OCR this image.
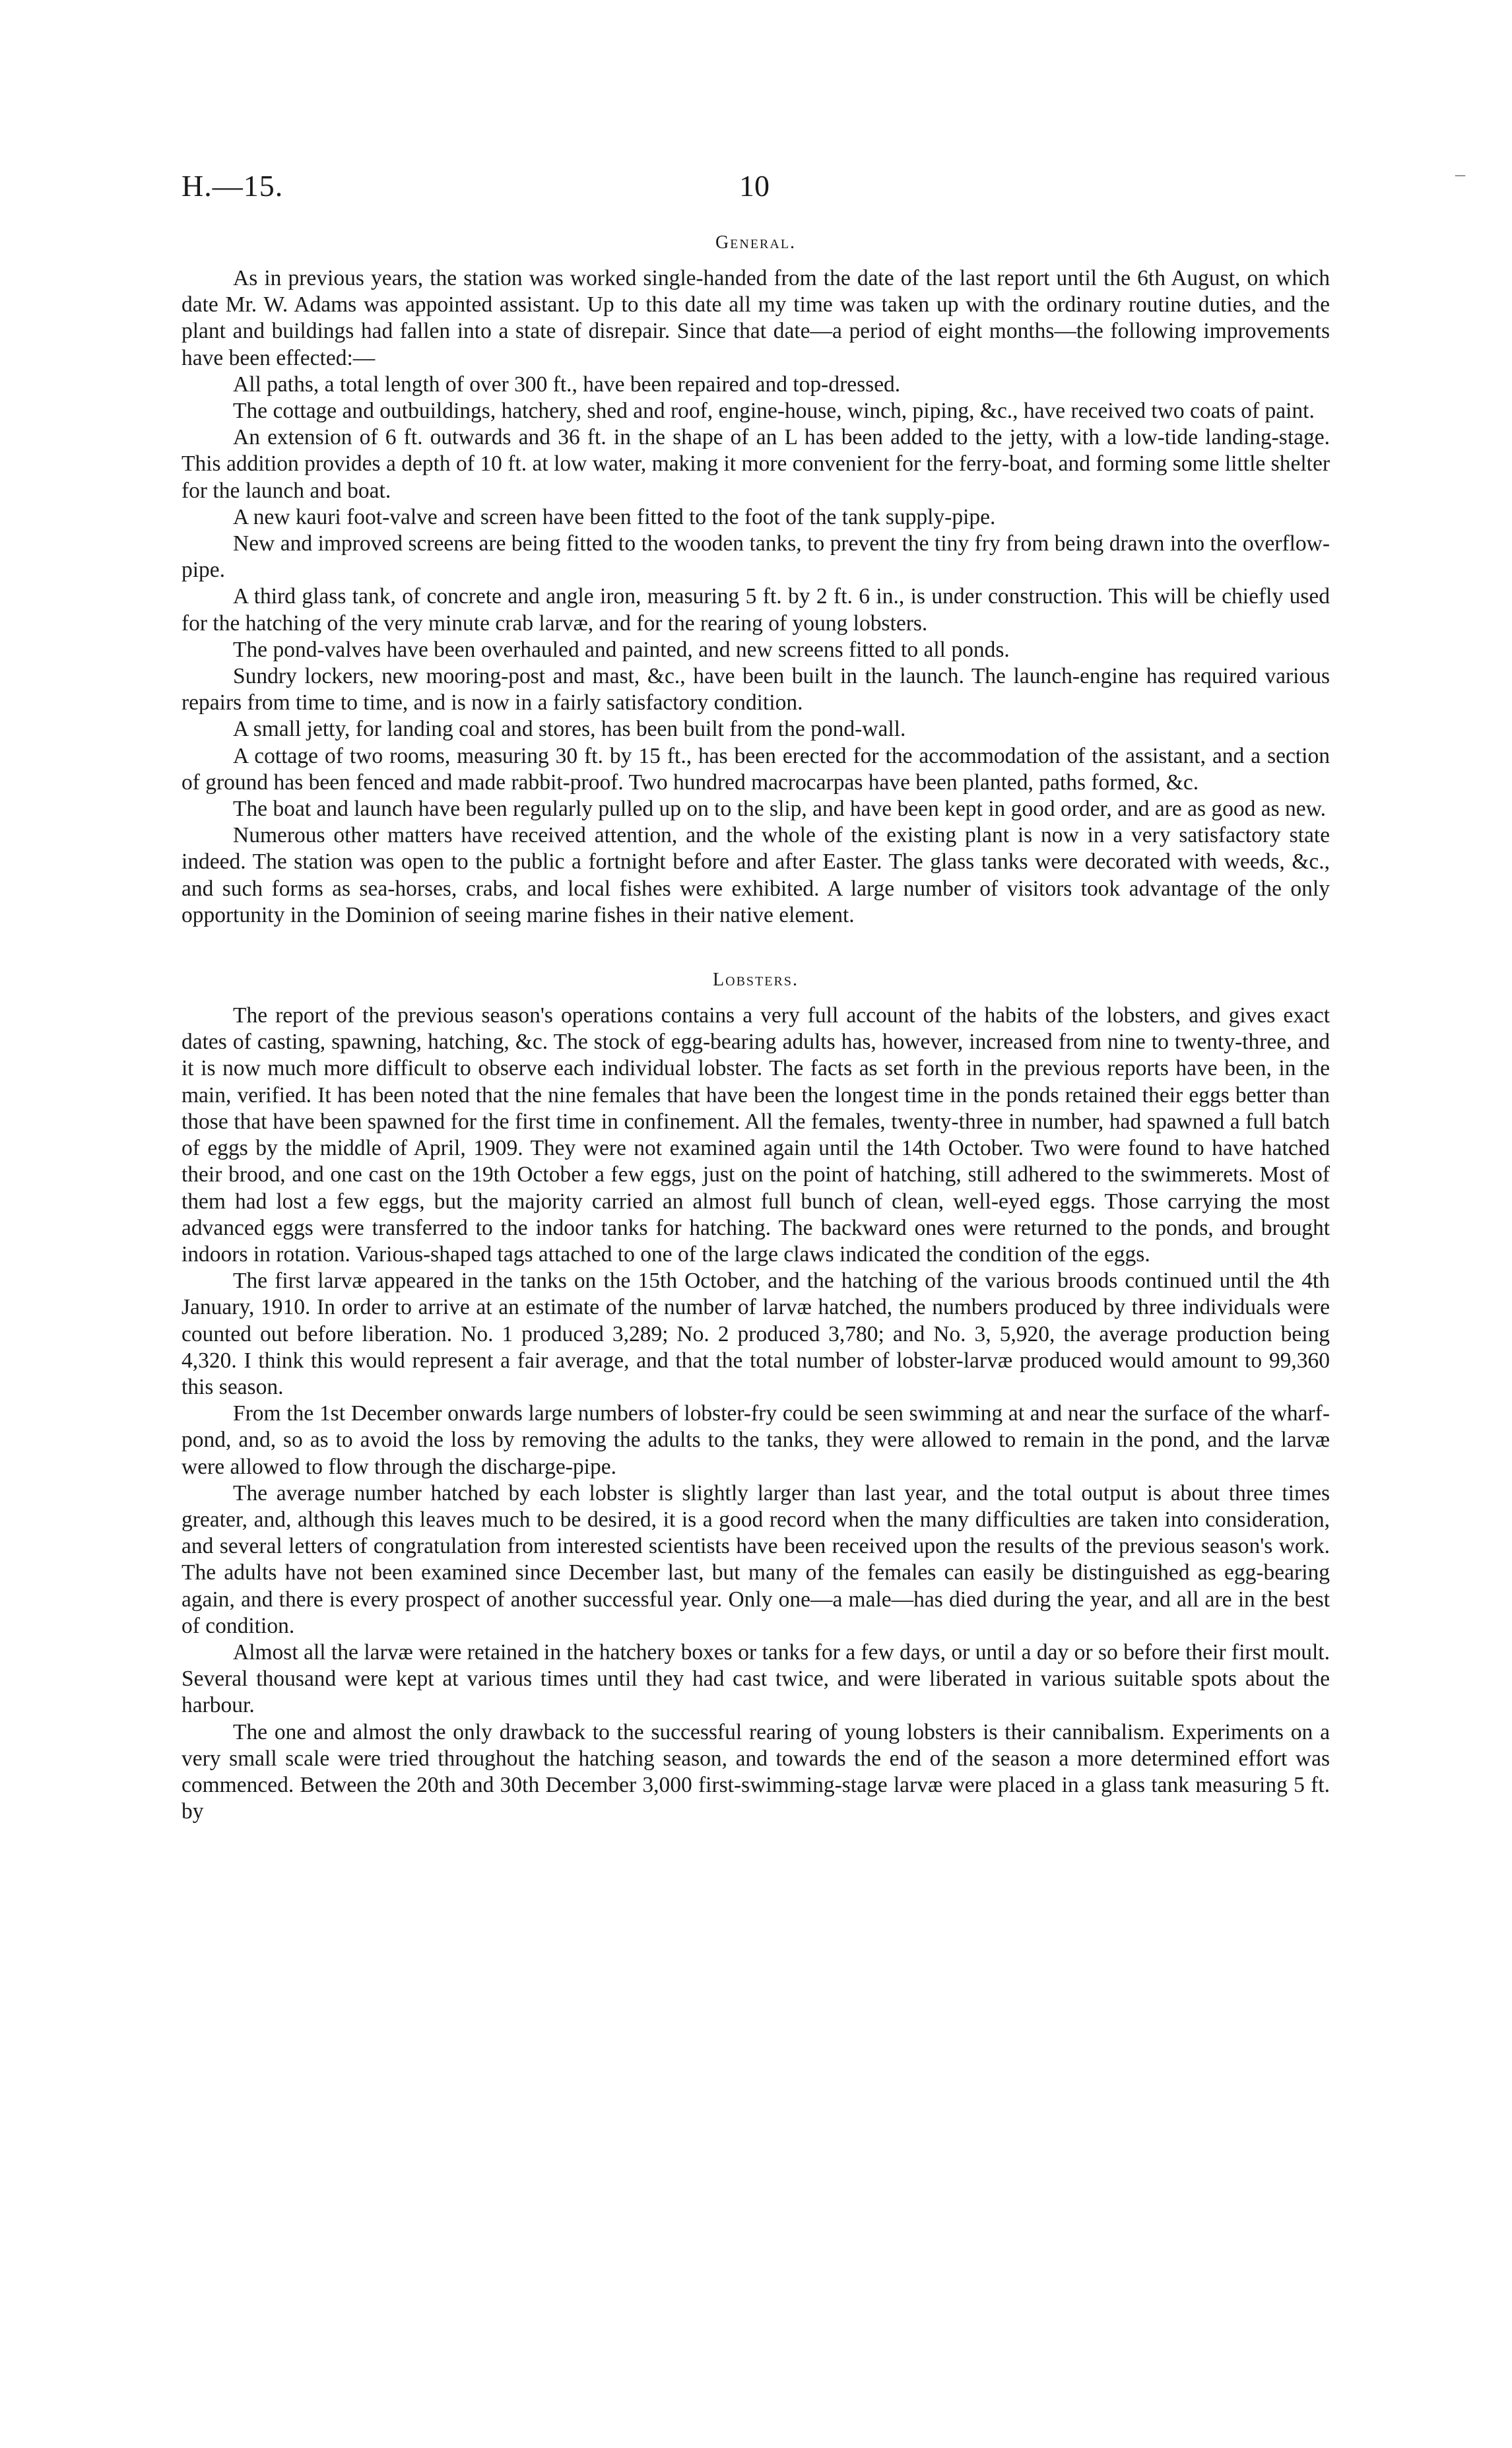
H.—15.	10	¯
General.

As in previous years, the station was worked single-handed from the date of the last report until the 6th August, on which date Mr. W. Adams was appointed assistant. Up to this date all my time was taken up with the ordinary routine duties, and the plant and buildings had fallen into a state of disrepair. Since that date—a period of eight months—the following improvements have been effected:—

All paths, a total length of over 300 ft., have been repaired and top-dressed.

The cottage and outbuildings, hatchery, shed and roof, engine-house, winch, piping, &c., have received two coats of paint.

An extension of 6 ft. outwards and 36 ft. in the shape of an L has been added to the jetty, with a low-tide landing-stage. This addition provides a depth of 10 ft. at low water, making it more convenient for the ferry-boat, and forming some little shelter for the launch and boat.

A new kauri foot-valve and screen have been fitted to the foot of the tank supply-pipe.

New and improved screens are being fitted to the wooden tanks, to prevent the tiny fry from being drawn into the overflow-pipe.

A third glass tank, of concrete and angle iron, measuring 5 ft. by 2 ft. 6 in., is under construction. This will be chiefly used for the hatching of the very minute crab larvæ, and for the rearing of young lobsters.

The pond-valves have been overhauled and painted, and new screens fitted to all ponds.

Sundry lockers, new mooring-post and mast, &c., have been built in the launch. The launch-engine has required various repairs from time to time, and is now in a fairly satisfactory condition.

A small jetty, for landing coal and stores, has been built from the pond-wall.

A cottage of two rooms, measuring 30 ft. by 15 ft., has been erected for the accommodation of the assistant, and a section of ground has been fenced and made rabbit-proof. Two hundred macrocarpas have been planted, paths formed, &c.

The boat and launch have been regularly pulled up on to the slip, and have been kept in good order, and are as good as new.

Numerous other matters have received attention, and the whole of the existing plant is now in a very satisfactory state indeed. The station was open to the public a fortnight before and after Easter. The glass tanks were decorated with weeds, &c., and such forms as sea-horses, crabs, and local fishes were exhibited. A large number of visitors took advantage of the only opportunity in the Dominion of seeing marine fishes in their native element.

Lobsters.

The report of the previous season's operations contains a very full account of the habits of the lobsters, and gives exact dates of casting, spawning, hatching, &c. The stock of egg-bearing adults has, however, increased from nine to twenty-three, and it is now much more difficult to observe each individual lobster. The facts as set forth in the previous reports have been, in the main, verified. It has been noted that the nine females that have been the longest time in the ponds retained their eggs better than those that have been spawned for the first time in confinement. All the females, twenty-three in number, had spawned a full batch of eggs by the middle of April, 1909. They were not examined again until the 14th October. Two were found to have hatched their brood, and one cast on the 19th October a few eggs, just on the point of hatching, still adhered to the swimmerets. Most of them had lost a few eggs, but the majority carried an almost full bunch of clean, well-eyed eggs. Those carrying the most advanced eggs were transferred to the indoor tanks for hatching. The backward ones were returned to the ponds, and brought indoors in rotation. Various-shaped tags attached to one of the large claws indicated the condition of the eggs.

The first larvæ appeared in the tanks on the 15th October, and the hatching of the various broods continued until the 4th January, 1910. In order to arrive at an estimate of the number of larvæ hatched, the numbers produced by three individuals were counted out before liberation. No. 1 produced 3,289; No. 2 produced 3,780; and No. 3, 5,920, the average production being 4,320. I think this would represent a fair average, and that the total number of lobster-larvæ produced would amount to 99,360 this season.

From the 1st December onwards large numbers of lobster-fry could be seen swimming at and near the surface of the wharf-pond, and, so as to avoid the loss by removing the adults to the tanks, they were allowed to remain in the pond, and the larvæ were allowed to flow through the discharge-pipe.

The average number hatched by each lobster is slightly larger than last year, and the total output is about three times greater, and, although this leaves much to be desired, it is a good record when the many difficulties are taken into consideration, and several letters of congratulation from interested scientists have been received upon the results of the previous season's work. The adults have not been examined since December last, but many of the females can easily be distinguished as egg-bearing again, and there is every prospect of another successful year. Only one—a male—has died during the year, and all are in the best of condition.

Almost all the larvæ were retained in the hatchery boxes or tanks for a few days, or until a day or so before their first moult. Several thousand were kept at various times until they had cast twice, and were liberated in various suitable spots about the harbour.

The one and almost the only drawback to the successful rearing of young lobsters is their cannibalism. Experiments on a very small scale were tried throughout the hatching season, and towards the end of the season a more determined effort was commenced. Between the 20th and 30th December 3,000 first-swimming-stage larvæ were placed in a glass tank measuring 5 ft. by
